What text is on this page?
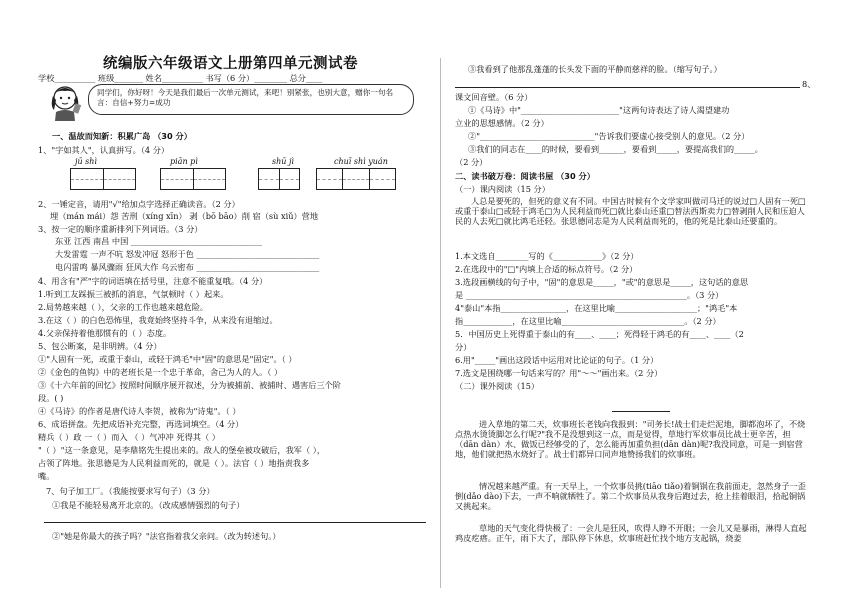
统编版六年级语文上册第四单元测试卷
学校__________ 班级_______ 姓名__________ 书写（6 分）________ 总分____
同学们，你好呀！今天是我们最后一次单元测试，来吧！别紧张，也别大意，赠你一句名言：自信+努力=成功
一、温故而知新：积累广岛 （30 分）
1、"字如其人"，认真拼写。（4 分）
jū shì	piān pì	shū jì	chuī shì yuán
2、一锤定音，请用"√"给加点字选择正确读音。（2 分）
埋（mán mái）怨 苦刑（xíng xīn） 剥（bō bāo）削 宿（sù xiǔ）营地
3、按一定的顺序重新排列下列词语。（3 分）
东亚 江西 南昌 中国 ________________________________
大发雷霆 一声不吭 怒发冲冠 怒形于色 ______________________________
电闪雷鸣 暴风骤雨 狂风大作 乌云密布 ______________________________
4、用含有"严"字的词语填在括号里，注意不能重复哦。（4 分）
1.听到工友踩振三被抓的消息，气氛顿时（ ）起来。
2.局势越来越（ ），父亲的工作也越来越危险。
3.在这（ ）的白色恐怖里，我竟始终坚持斗争，从来没有退缩过。
4.父亲保持着他那惯有的（ ）态度。
5、包公断案，是非明辨。（4 分）
①"人固有一死，或重于泰山，或轻于鸿毛"中"固"的意思是"固定"。（ ）
②《金色的鱼钩》中的老班长是一个忠于革命，舍己为人的人。（ ）
③《十六年前的回忆》按照时间顺序展开叙述，分为被捕前、被捕时、遇害后三个阶
段。( )
④《马诗》的作者是唐代诗人李贺，被称为"诗鬼"。（ ）
6、成语拼盘。先把成语补充完整，再选词填空。（4 分）
精兵（ ）政 一（ ）而入 （ ）气冲冲 死得其（ ）
"（ ）"这一条意见，是李鼎铭先生提出来的。敌人的堡垒被攻破后，我军（ ），
占领了阵地。张思德是为人民利益而死的，就是（ ）。法官（ ）地指责我多
嘴。
7、句子加工厂。（我能按要求写句子）（3 分）
①我是不能轻易离开北京的。（改成感情强烈的句子）
②"她是你最大的孩子吗？"法官指着我父亲问。（改为转述句。）
③我看到了他那乱蓬蓬的长头发下面的平静而慈祥的脸。（缩写句子。）
8、
课文回音壁。（6 分）
①《马诗》中"________________________"这两句诗表达了诗人渴望建功
立业的思想感情。（2 分）
②"____________________________"告诉我们要虚心接受别人的意见。（2 分）
③我们的同志在____的时候，要看到______，要看到_____，要提高我们的_____。
（2 分）
二、读书破万卷：阅读书屋 （30 分）
（一）课内阅读（15 分）
人总是要死的，但死的意义有不同。中国古时候有个文学家叫做司马迁的说过□人固有一死□或重于泰山□或轻于鸿毛□为人民利益而死□就比泰山还重□替法西斯卖力□替剥削人民和压迫人民的人去死□就比鸿毛还轻。张思德同志是为人民利益而死的，他的死是比泰山还要重的。
1.本文选自________写的《____________》（2 分）
2.在选段中的"□"内填上合适的标点符号。（2 分）
3.选段画横线的句子中，"固"的意思是_____，"或"的意思是_____，这句话的意思
是 ______________________________________________________。（3 分）
4"泰山"本指________________，在这里比喻____________________；"鸿毛"本
指____________，在这里比喻______________________________。（2 分）
5．中国历史上死得重于泰山的有____、____；死得轻于鸿毛的有____、____（2
分）
6.用"_____"画出这段话中运用对比论证的句子。（1 分）
7.选文是围绕哪一句话来写的？用"～～"画出来。（2 分）
（二）课外阅读（15）
进入草地的第二天，炊事班长老钱向我报到："司务长!战士们走烂泥地，脚都泡坏了，不烧点热水烫烫脚怎么行呢?"我不是没想到这一点，而是觉得，草地行军炊事员比战士更辛苦，担（dān dàn）水、做饭已经够受的了，怎么能再加重负担(dān dàn)呢?我没同意，可是一到宿营地，他们就把热水烧好了。战士们都异口同声地赞扬我们的炊事班。
情况越来越严重。有一天早上，一个炊事员挑(tiāo tiǎo)着铜锅在我前面走，忽然身子一歪倒(dǎo dào)下去，一声不响就牺牲了。第二个炊事员从我身后跑过去，抢上挂着眼泪，拾起铜锅又挑起来。
草地的天气变化得快极了：一会儿是狂风，吹得人睁不开眼；一会儿又是暴雨，淋得人直起鸡皮疙瘩。正午，雨下大了，部队停下休息，炊事班赶忙找个地方支起锅，烧姜
